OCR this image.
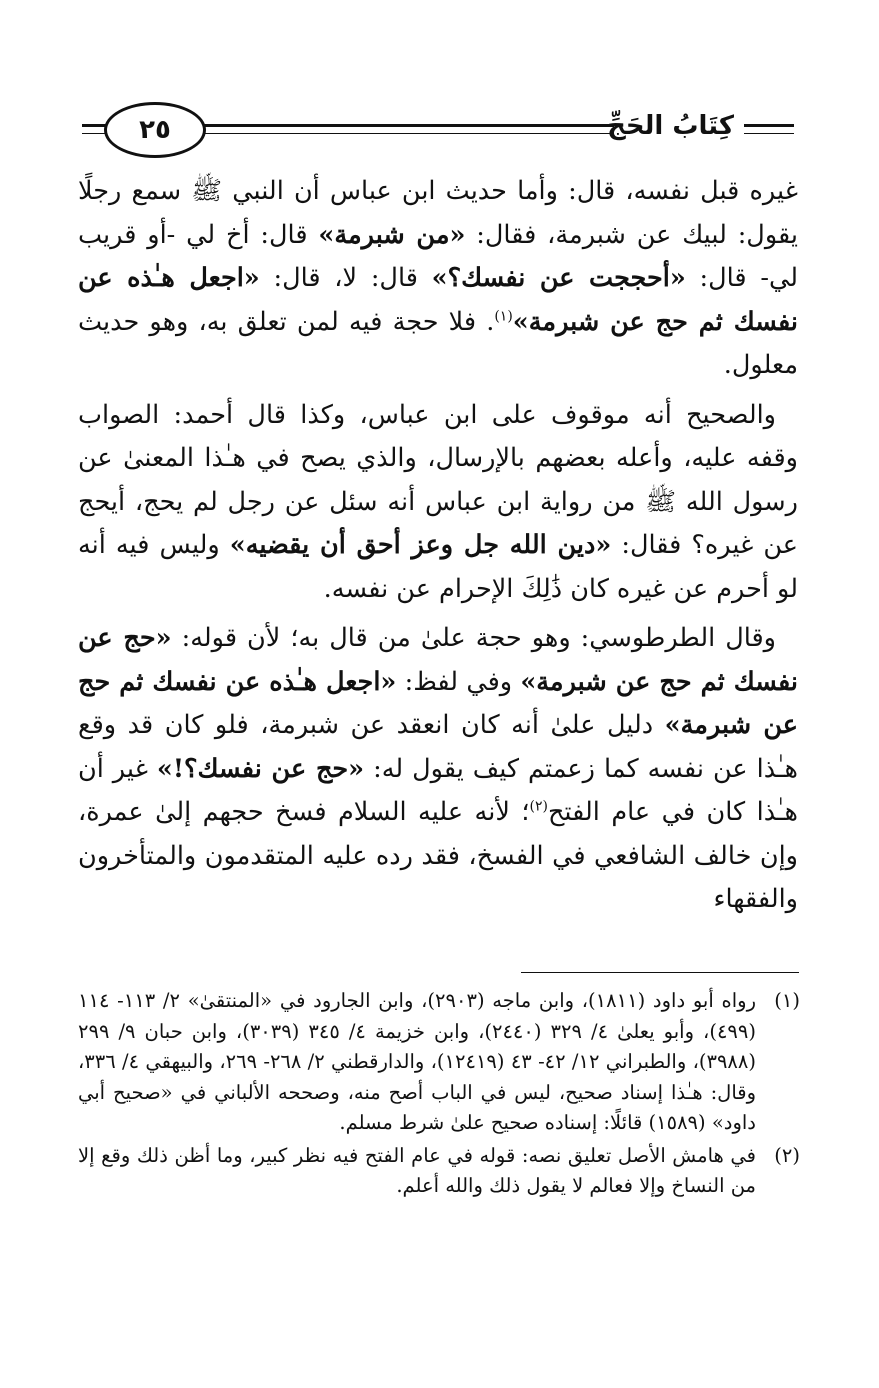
كِتَابُ الحَجِّ
٢٥

غيره قبل نفسه، قال: وأما حديث ابن عباس أن النبي ﷺ سمع رجلًا يقول: لبيك عن شبرمة، فقال: «من شبرمة» قال: أخ لي -أو قريب لي- قال: «أحججت عن نفسك؟» قال: لا، قال: «اجعل هـٰذه عن نفسك ثم حج عن شبرمة»$^{(١)}$. فلا حجة فيه لمن تعلق به، وهو حديث معلول.

والصحيح أنه موقوف على ابن عباس، وكذا قال أحمد: الصواب وقفه عليه، وأعله بعضهم بالإرسال، والذي يصح في هـٰذا المعنىٰ عن رسول الله ﷺ من رواية ابن عباس أنه سئل عن رجل لم يحج، أيحج عن غيره؟ فقال: «دين الله جل وعز أحق أن يقضيه» وليس فيه أنه لو أحرم عن غيره كان ذَٰلِكَ الإحرام عن نفسه.

وقال الطرطوسي: وهو حجة علىٰ من قال به؛ لأن قوله: «حج عن نفسك ثم حج عن شبرمة» وفي لفظ: «اجعل هـٰذه عن نفسك ثم حج عن شبرمة» دليل علىٰ أنه كان انعقد عن شبرمة، فلو كان قد وقع هـٰذا عن نفسه كما زعمتم كيف يقول له: «حج عن نفسك؟!» غير أن هـٰذا كان في عام الفتح$^{(٢)}$؛ لأنه عليه السلام فسخ حجهم إلىٰ عمرة، وإن خالف الشافعي في الفسخ، فقد رده عليه المتقدمون والمتأخرون والفقهاء

(١)
رواه أبو داود (١٨١١)، وابن ماجه (٢٩٠٣)، وابن الجارود في «المنتقىٰ» ٢/ ١١٣- ١١٤ (٤٩٩)، وأبو يعلىٰ ٤/ ٣٢٩ (٢٤٤٠)، وابن خزيمة ٤/ ٣٤٥ (٣٠٣٩)، وابن حبان ٩/ ٢٩٩ (٣٩٨٨)، والطبراني ١٢/ ٤٢- ٤٣ (١٢٤١٩)، والدارقطني ٢/ ٢٦٨- ٢٦٩، والبيهقي ٤/ ٣٣٦، وقال: هـٰذا إسناد صحيح، ليس في الباب أصح منه، وصححه الألباني في «صحيح أبي داود» (١٥٨٩) قائلًا: إسناده صحيح علىٰ شرط مسلم.
(٢)
في هامش الأصل تعليق نصه: قوله في عام الفتح فيه نظر كبير، وما أظن ذلك وقع إلا من النساخ وإلا فعالم لا يقول ذلك والله أعلم.
